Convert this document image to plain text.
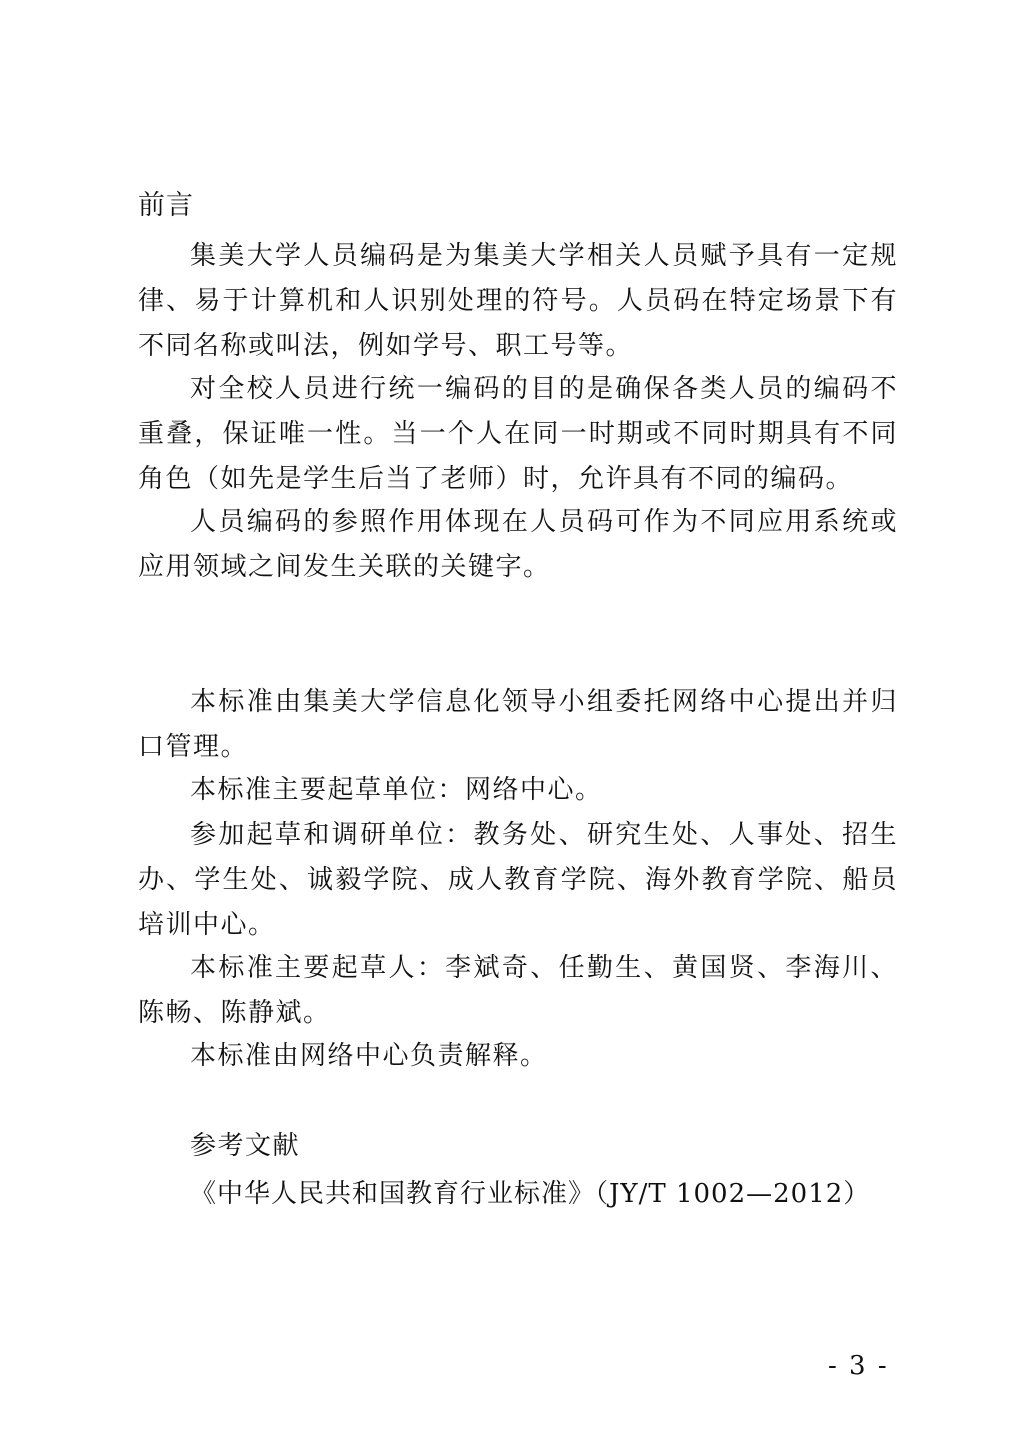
前言

集美大学人员编码是为集美大学相关人员赋予具有一定规律、易于计算机和人识别处理的符号。人员码在特定场景下有不同名称或叫法，例如学号、职工号等。

对全校人员进行统一编码的目的是确保各类人员的编码不重叠，保证唯一性。当一个人在同一时期或不同时期具有不同角色（如先是学生后当了老师）时，允许具有不同的编码。

人员编码的参照作用体现在人员码可作为不同应用系统或应用领域之间发生关联的关键字。

本标准由集美大学信息化领导小组委托网络中心提出并归口管理。

本标准主要起草单位：网络中心。

参加起草和调研单位：教务处、研究生处、人事处、招生办、学生处、诚毅学院、成人教育学院、海外教育学院、船员培训中心。

本标准主要起草人：李斌奇、任勤生、黄国贤、李海川、陈畅、陈静斌。

本标准由网络中心负责解释。

参考文献

《中华人民共和国教育行业标准》（JY/T 1002—2012）

- 3 -
